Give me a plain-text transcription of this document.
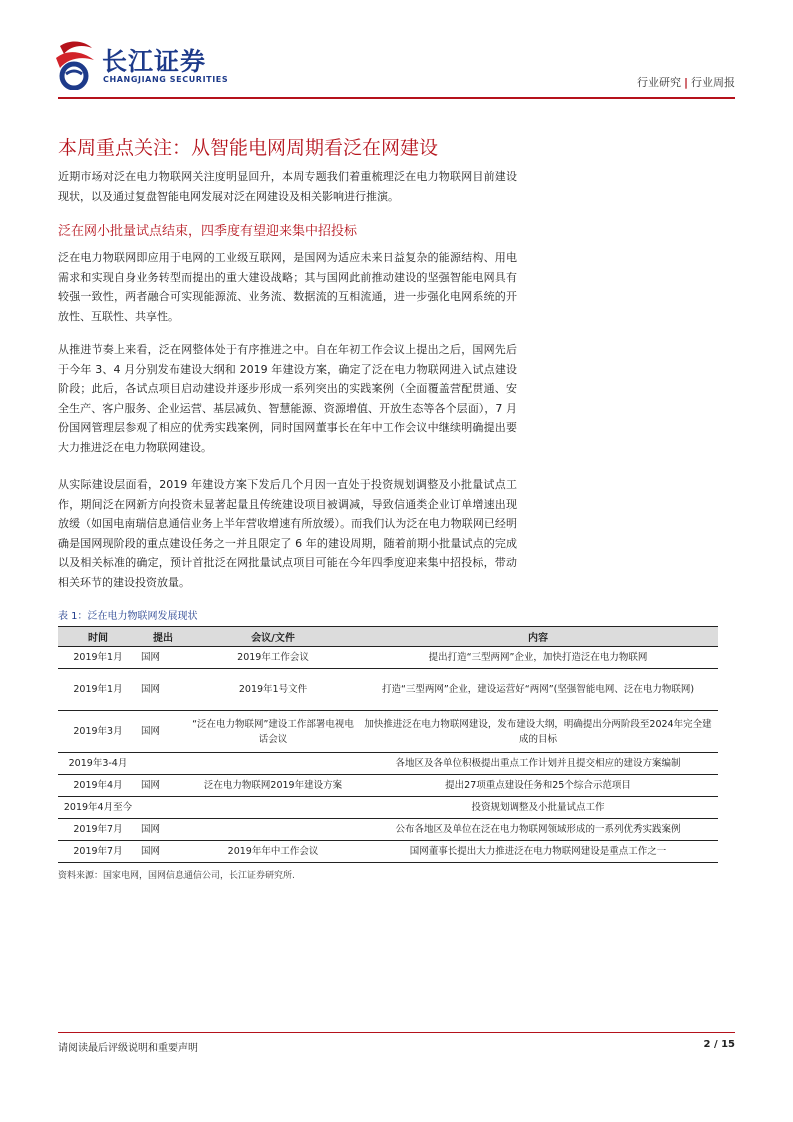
长江证券
CHANGJIANG SECURITIES	行业研究 | 行业周报
本周重点关注：从智能电网周期看泛在网建设
近期市场对泛在电力物联网关注度明显回升，本周专题我们着重梳理泛在电力物联网目前建设现状，以及通过复盘智能电网发展对泛在网建设及相关影响进行推演。
泛在网小批量试点结束，四季度有望迎来集中招投标
泛在电力物联网即应用于电网的工业级互联网，是国网为适应未来日益复杂的能源结构、用电需求和实现自身业务转型而提出的重大建设战略；其与国网此前推动建设的坚强智能电网具有较强一致性，两者融合可实现能源流、业务流、数据流的互相流通，进一步强化电网系统的开放性、互联性、共享性。
从推进节奏上来看，泛在网整体处于有序推进之中。自在年初工作会议上提出之后，国网先后于今年 3、4 月分别发布建设大纲和 2019 年建设方案，确定了泛在电力物联网进入试点建设阶段；此后，各试点项目启动建设并逐步形成一系列突出的实践案例（全面覆盖营配贯通、安全生产、客户服务、企业运营、基层减负、智慧能源、资源增值、开放生态等各个层面），7 月份国网管理层参观了相应的优秀实践案例，同时国网董事长在年中工作会议中继续明确提出要大力推进泛在电力物联网建设。
从实际建设层面看，2019 年建设方案下发后几个月因一直处于投资规划调整及小批量试点工作，期间泛在网新方向投资未显著起量且传统建设项目被调减，导致信通类企业订单增速出现放缓（如国电南瑞信息通信业务上半年营收增速有所放缓）。而我们认为泛在电力物联网已经明确是国网现阶段的重点建设任务之一并且限定了 6 年的建设周期，随着前期小批量试点的完成以及相关标准的确定，预计首批泛在网批量试点项目可能在今年四季度迎来集中招投标，带动相关环节的建设投资放量。
表 1：泛在电力物联网发展现状
时间	提出	会议/文件	内容
2019年1月	国网	2019年工作会议	提出打造“三型两网”企业，加快打造泛在电力物联网
2019年1月	国网	2019年1号文件	打造“三型两网”企业，建设运营好“两网”(坚强智能电网、泛在电力物联网)
2019年3月	国网	“泛在电力物联网”建设工作部署电视电话会议	加快推进泛在电力物联网建设，发布建设大纲，明确提出分两阶段至2024年完全建成的目标
2019年3-4月			各地区及各单位积极提出重点工作计划并且提交相应的建设方案编制
2019年4月	国网	泛在电力物联网2019年建设方案	提出27项重点建设任务和25个综合示范项目
2019年4月至今			投资规划调整及小批量试点工作
2019年7月	国网		公布各地区及单位在泛在电力物联网领域形成的一系列优秀实践案例
2019年7月	国网	2019年年中工作会议	国网董事长提出大力推进泛在电力物联网建设是重点工作之一
资料来源：国家电网，国网信息通信公司，长江证券研究所.
请阅读最后评级说明和重要声明	2 / 15
